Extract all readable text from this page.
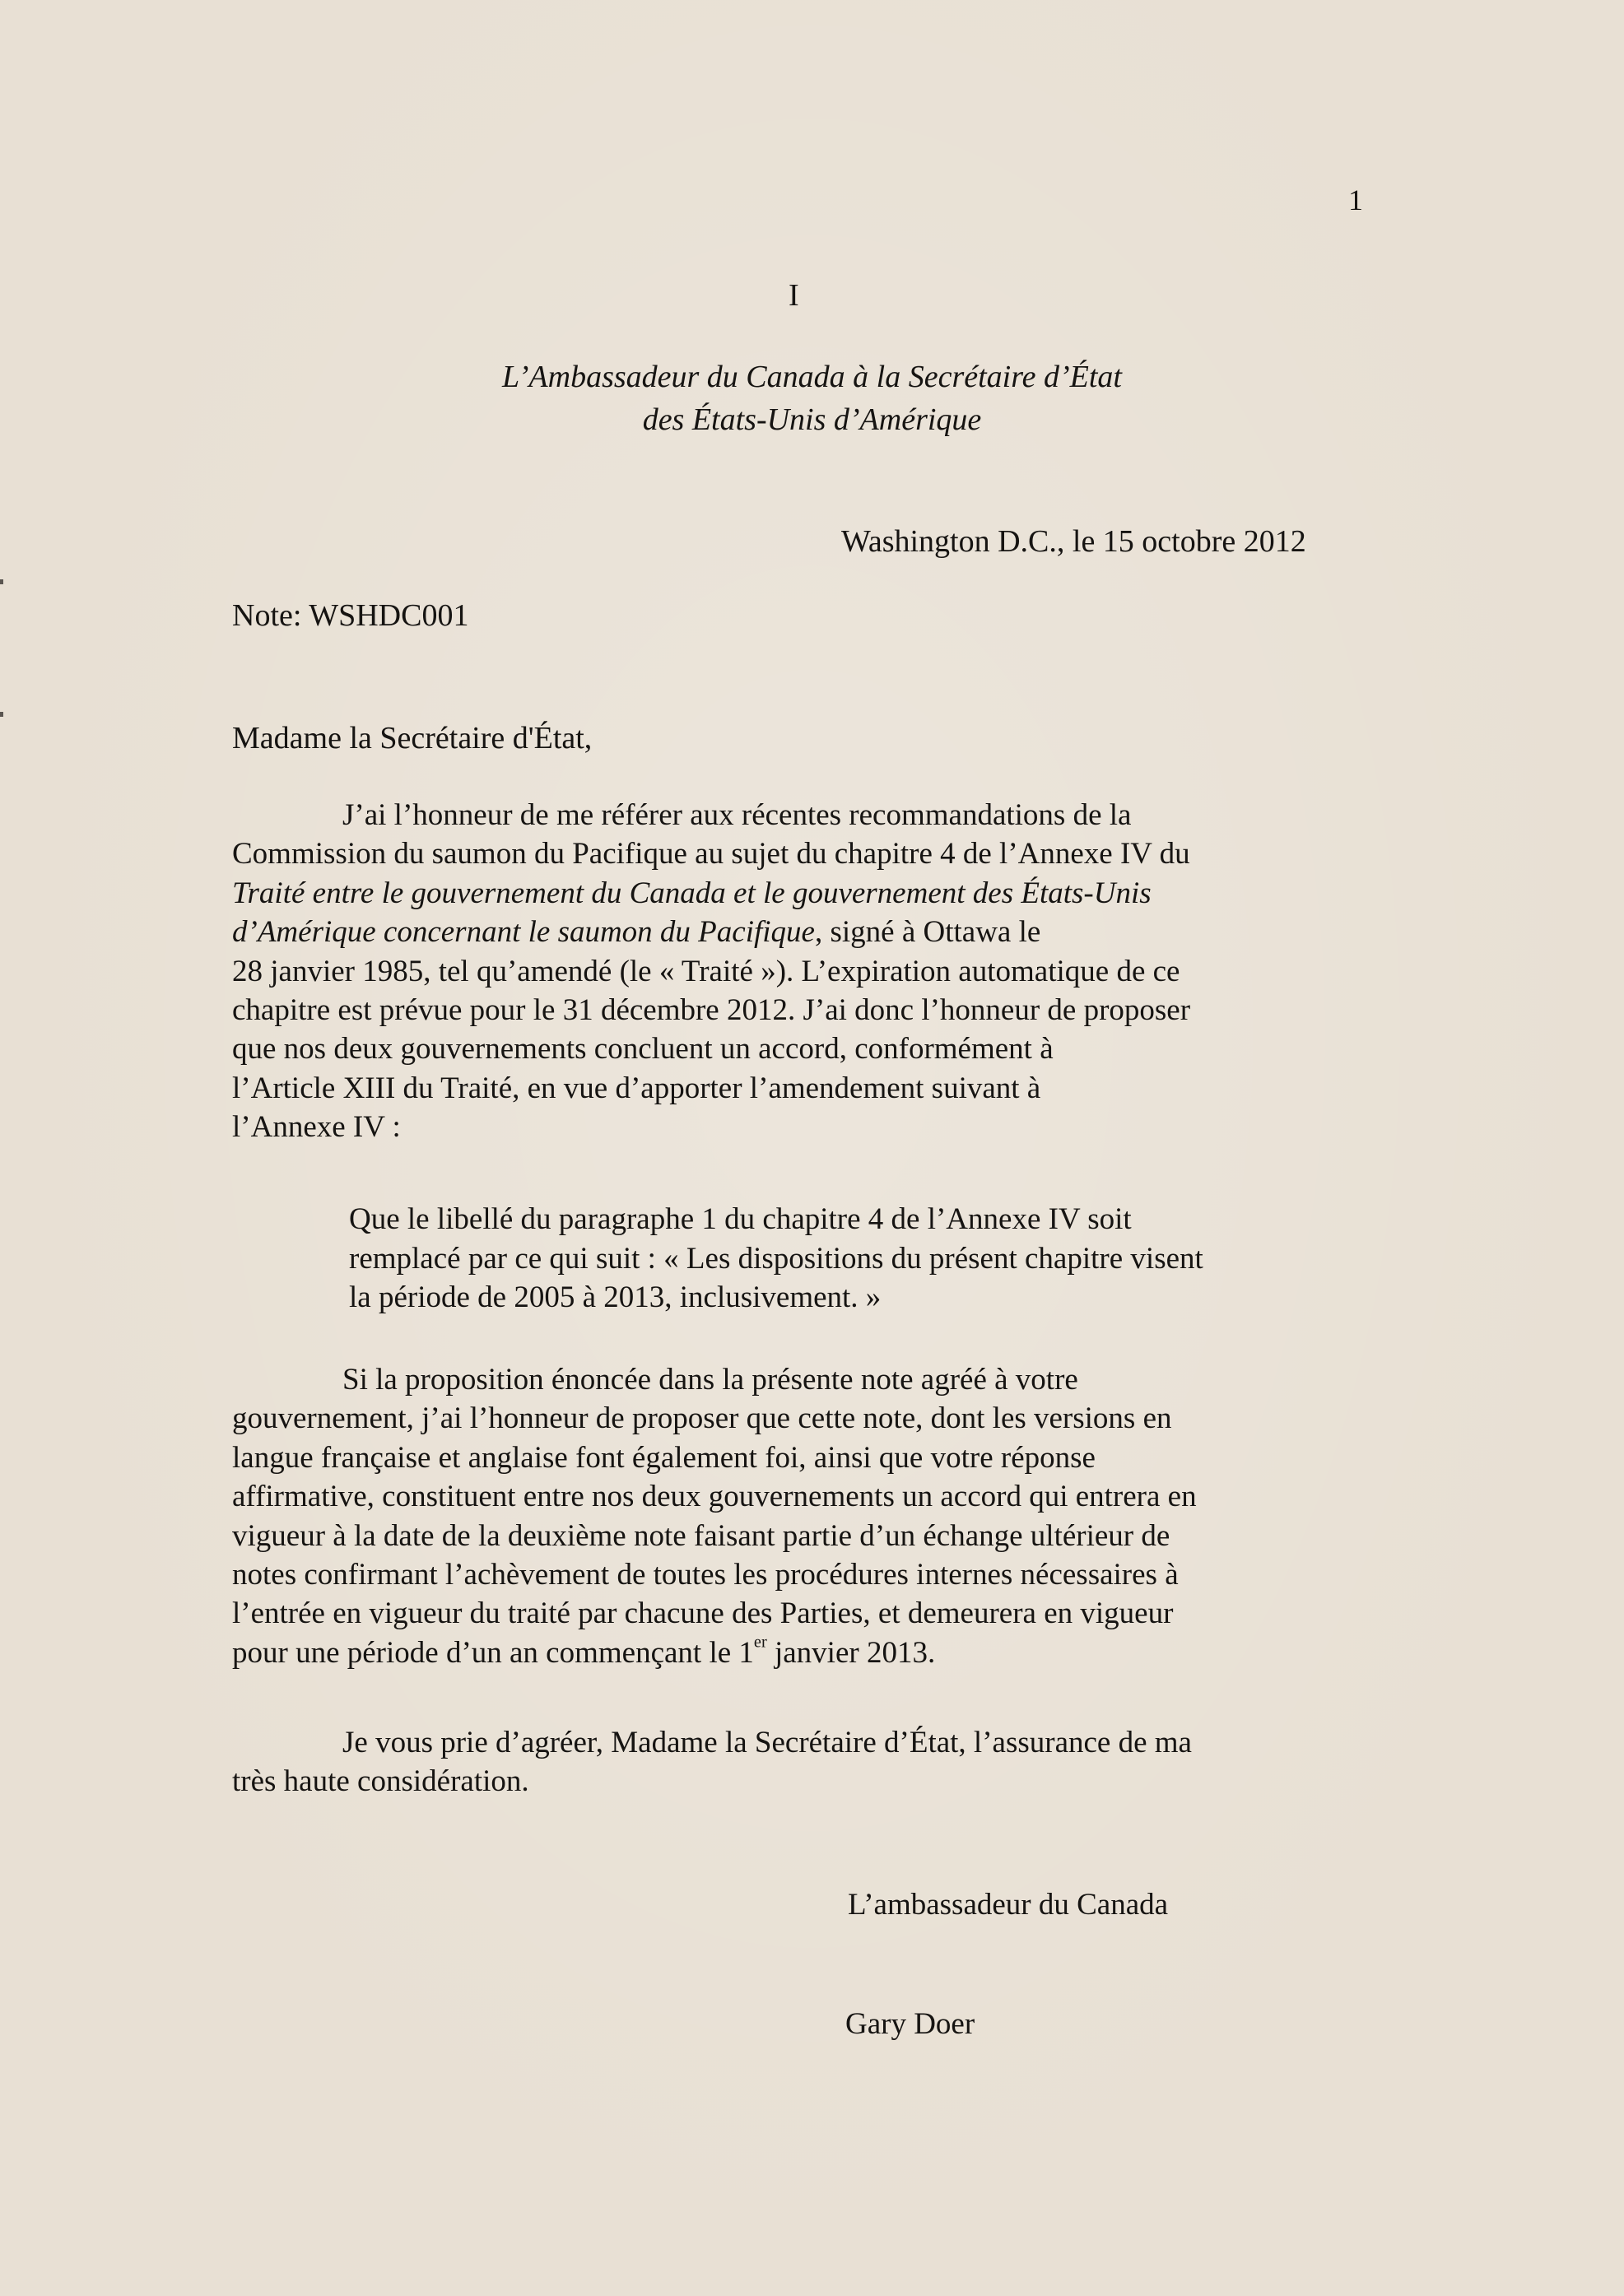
1
I
L’Ambassadeur du Canada à la Secrétaire d’État
des États-Unis d’Amérique
Washington D.C., le 15 octobre 2012
Note: WSHDC001
Madame la Secrétaire d'État,
J’ai l’honneur de me référer aux récentes recommandations de la
Commission du saumon du Pacifique au sujet du chapitre 4 de l’Annexe IV du
Traité entre le gouvernement du Canada et le gouvernement des États-Unis
d’Amérique concernant le saumon du Pacifique, signé à Ottawa le
28 janvier 1985, tel qu’amendé (le « Traité »). L’expiration automatique de ce
chapitre est prévue pour le 31 décembre 2012. J’ai donc l’honneur de proposer
que nos deux gouvernements concluent un accord, conformément à
l’Article XIII du Traité, en vue d’apporter l’amendement suivant à
l’Annexe IV :
Que le libellé du paragraphe 1 du chapitre 4 de l’Annexe IV soit
remplacé par ce qui suit : « Les dispositions du présent chapitre visent
la période de 2005 à 2013, inclusivement. »
Si la proposition énoncée dans la présente note agréé à votre
gouvernement, j’ai l’honneur de proposer que cette note, dont les versions en
langue française et anglaise font également foi, ainsi que votre réponse
affirmative, constituent entre nos deux gouvernements un accord qui entrera en
vigueur à la date de la deuxième note faisant partie d’un échange ultérieur de
notes confirmant l’achèvement de toutes les procédures internes nécessaires à
l’entrée en vigueur du traité par chacune des Parties, et demeurera en vigueur
pour une période d’un an commençant le 1er janvier 2013.
Je vous prie d’agréer, Madame la Secrétaire d’État, l’assurance de ma
très haute considération.
L’ambassadeur du Canada
Gary Doer
